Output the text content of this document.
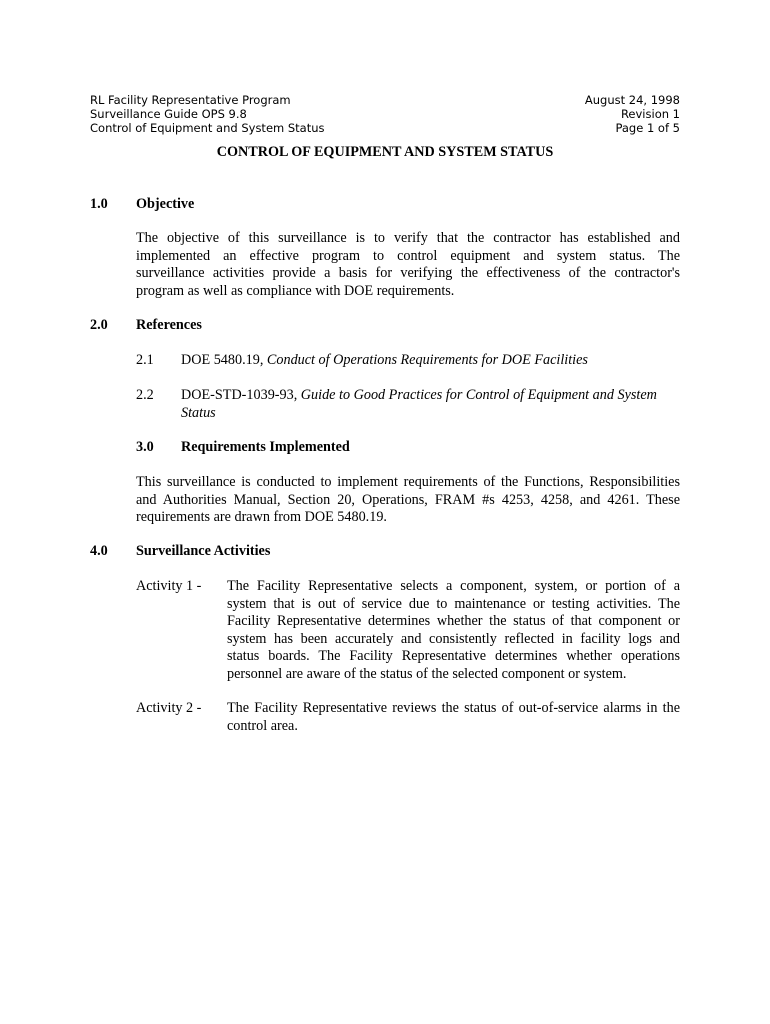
RL Facility Representative Program
Surveillance Guide OPS 9.8
Control of Equipment and System Status
August 24, 1998
Revision 1
Page 1 of 5
CONTROL OF EQUIPMENT AND SYSTEM STATUS
1.0 Objective
The objective of this surveillance is to verify that the contractor has established and
implemented an effective program to control equipment and system status. The
surveillance activities provide a basis for verifying the effectiveness of the contractor's
program as well as compliance with DOE requirements.
2.0 References
2.1 DOE 5480.19, Conduct of Operations Requirements for DOE Facilities
2.2 DOE-STD-1039-93, Guide to Good Practices for Control of Equipment and System
Status
3.0 Requirements Implemented
This surveillance is conducted to implement requirements of the Functions, Responsibilities
and Authorities Manual, Section 20, Operations, FRAM #s 4253, 4258, and 4261. These
requirements are drawn from DOE 5480.19.
4.0 Surveillance Activities
Activity 1 - The Facility Representative selects a component, system, or portion of a
system that is out of service due to maintenance or testing activities. The
Facility Representative determines whether the status of that component or
system has been accurately and consistently reflected in facility logs and
status boards. The Facility Representative determines whether operations
personnel are aware of the status of the selected component or system.
Activity 2 - The Facility Representative reviews the status of out-of-service alarms in the
control area.
